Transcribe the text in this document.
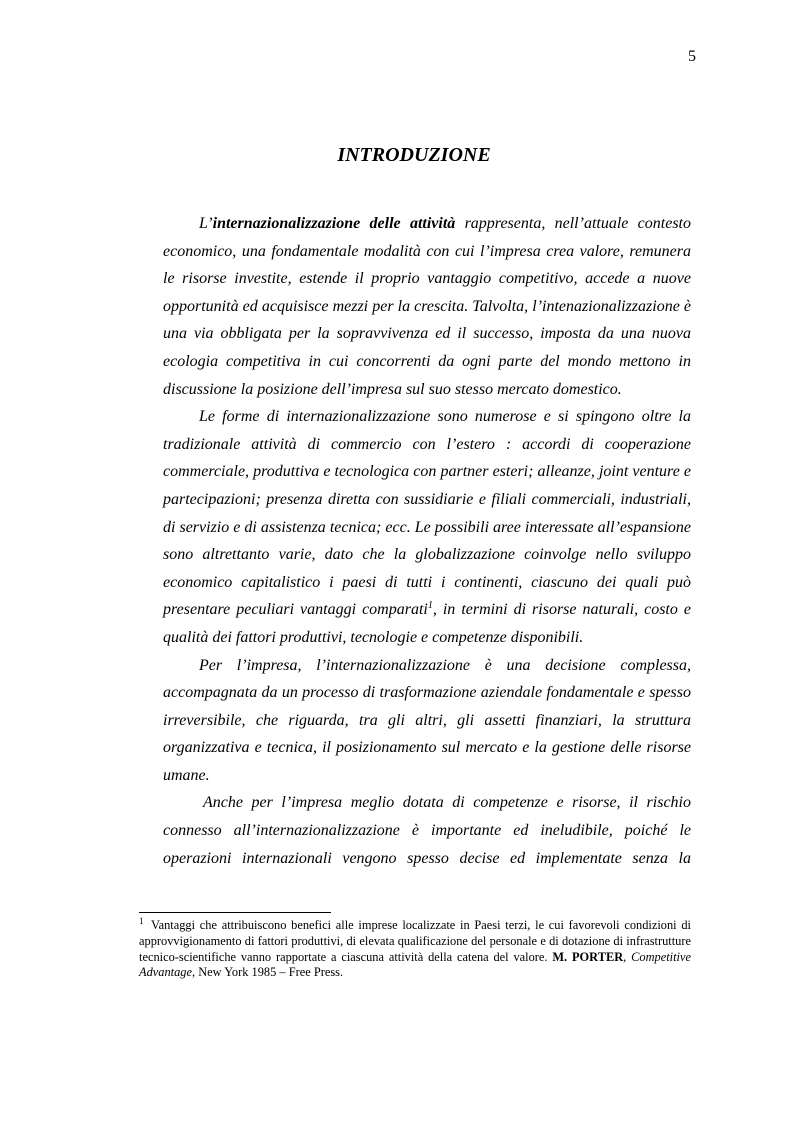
5
INTRODUZIONE

L’internazionalizzazione delle attività rappresenta, nell’attuale contesto economico, una fondamentale modalità con cui l’impresa crea valore, remunera le risorse investite, estende il proprio vantaggio competitivo, accede a nuove opportunità ed acquisisce mezzi per la crescita. Talvolta, l’intenazionalizzazione è una via obbligata per la sopravvivenza ed il successo, imposta da una nuova ecologia competitiva in cui concorrenti da ogni parte del mondo mettono in discussione la posizione dell’impresa sul suo stesso mercato domestico.

Le forme di internazionalizzazione sono numerose e si spingono oltre la tradizionale attività di commercio con l’estero : accordi di cooperazione commerciale, produttiva e tecnologica con partner esteri; alleanze, joint venture e partecipazioni; presenza diretta con sussidiarie e filiali commerciali, industriali, di servizio e di assistenza tecnica; ecc. Le possibili aree interessate all’espansione sono altrettanto varie, dato che la globalizzazione coinvolge nello sviluppo economico capitalistico i paesi di tutti i continenti, ciascuno dei quali può presentare peculiari vantaggi comparati$^1$, in termini di risorse naturali, costo e qualità dei fattori produttivi, tecnologie e competenze disponibili.

Per l’impresa, l’internazionalizzazione è una decisione complessa, accompagnata da un processo di trasformazione aziendale fondamentale e spesso irreversibile, che riguarda, tra gli altri, gli assetti finanziari, la struttura organizzativa e tecnica, il posizionamento sul mercato e la gestione delle risorse umane.

Anche per l’impresa meglio dotata di competenze e risorse, il rischio connesso all’internazionalizzazione è importante ed ineludibile, poiché le operazioni internazionali vengono spesso decise ed implementate senza la

$^1$ Vantaggi che attribuiscono benefici alle imprese localizzate in Paesi terzi, le cui favorevoli condizioni di approvvigionamento di fattori produttivi, di elevata qualificazione del personale e di dotazione di infrastrutture tecnico-scientifiche vanno rapportate a ciascuna attività della catena del valore. M. PORTER, Competitive Advantage, New York 1985 – Free Press.
